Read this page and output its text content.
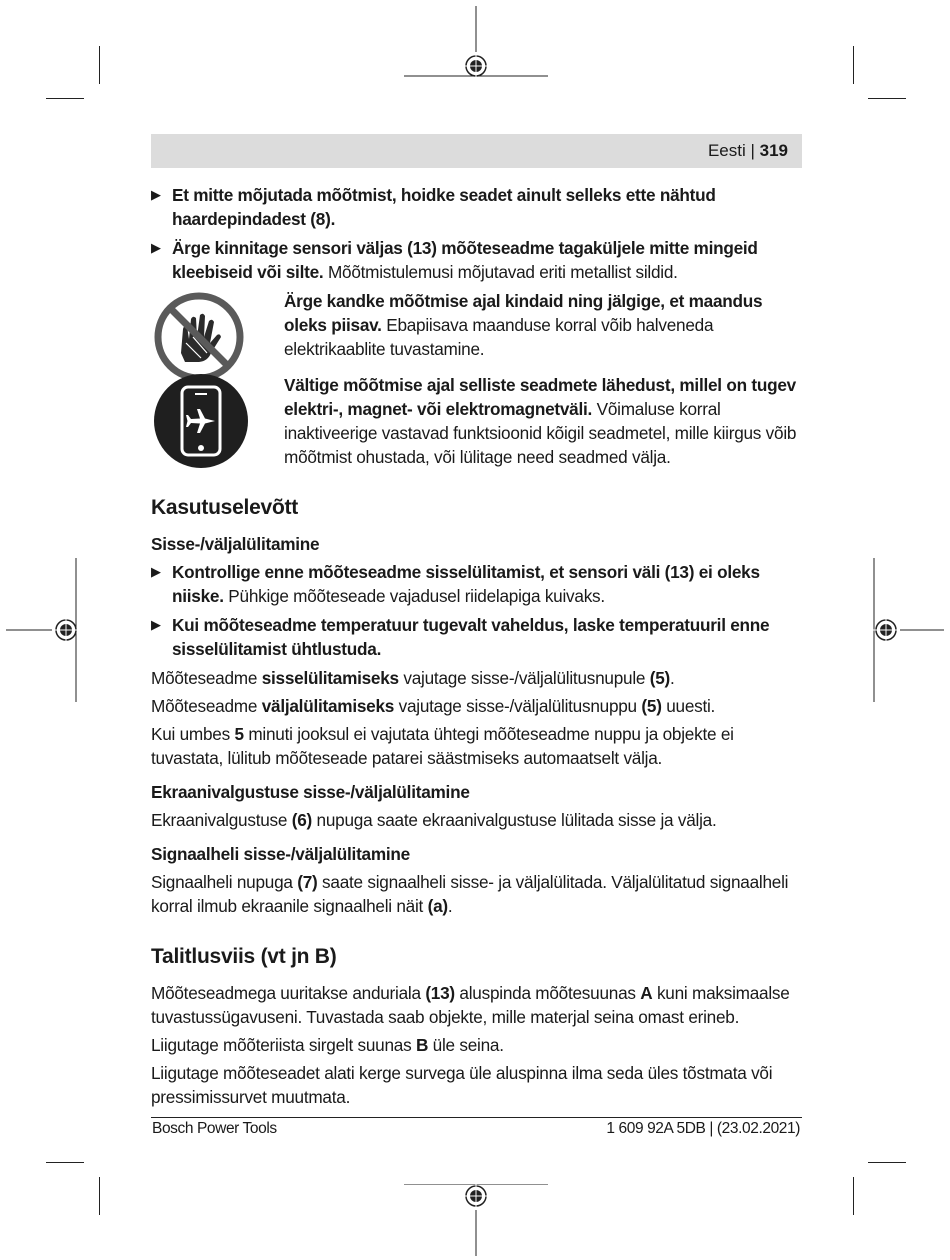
Eesti | 319
▶ Et mitte mõjutada mõõtmist, hoidke seadet ainult selleks ette nähtud haardepindadest (8).
▶ Ärge kinnitage sensori väljas (13) mõõteseadme tagaküljele mitte mingeid kleebiseid või silte. Mõõtmistulemusi mõjutavad eriti metallist sildid.
Ärge kandke mõõtmise ajal kindaid ning jälgige, et maandus oleks piisav. Ebapiisava maanduse korral võib halveneda elektrikaablite tuvastamine.
Vältige mõõtmise ajal selliste seadmete lähedust, millel on tugev elektri-, magnet- või elektromagnetväli. Võimaluse korral inaktiveerige vastavad funktsioonid kõigil seadmetel, mille kiirgus võib mõõtmist ohustada, või lülitage need seadmed välja.
Kasutuselevõtt
Sisse-/väljalülitamine
▶ Kontrollige enne mõõteseadme sisselülitamist, et sensori väli (13) ei oleks niiske. Pühkige mõõteseade vajadusel riidelapiga kuivaks.
▶ Kui mõõteseadme temperatuur tugevalt vaheldus, laske temperatuuril enne sisselülitamist ühtlustuda.

Mõõteseadme sisselülitamiseks vajutage sisse-/väljalülitusnupule (5).

Mõõteseadme väljalülitamiseks vajutage sisse-/väljalülitusnuppu (5) uuesti.

Kui umbes 5 minuti jooksul ei vajutata ühtegi mõõteseadme nuppu ja objekte ei tuvastata, lülitub mõõteseade patarei säästmiseks automaatselt välja.

Ekraanivalgustuse sisse-/väljalülitamine

Ekraanivalgustuse (6) nupuga saate ekraanivalgustuse lülitada sisse ja välja.

Signaalheli sisse-/väljalülitamine

Signaalheli nupuga (7) saate signaalheli sisse- ja väljalülitada. Väljalülitatud signaalheli korral ilmub ekraanile signaalheli näit (a).

Talitlusviis (vt jn B)

Mõõteseadmega uuritakse anduriala (13) aluspinda mõõtesuunas A kuni maksimaalse tuvastussügavuseni. Tuvastada saab objekte, mille materjal seina omast erineb.

Liigutage mõõteriista sirgelt suunas B üle seina.

Liigutage mõõteseadet alati kerge survega üle aluspinna ilma seda üles tõstmata või pressimissurvet muutmata.

Bosch Power Tools	1 609 92A 5DB | (23.02.2021)
